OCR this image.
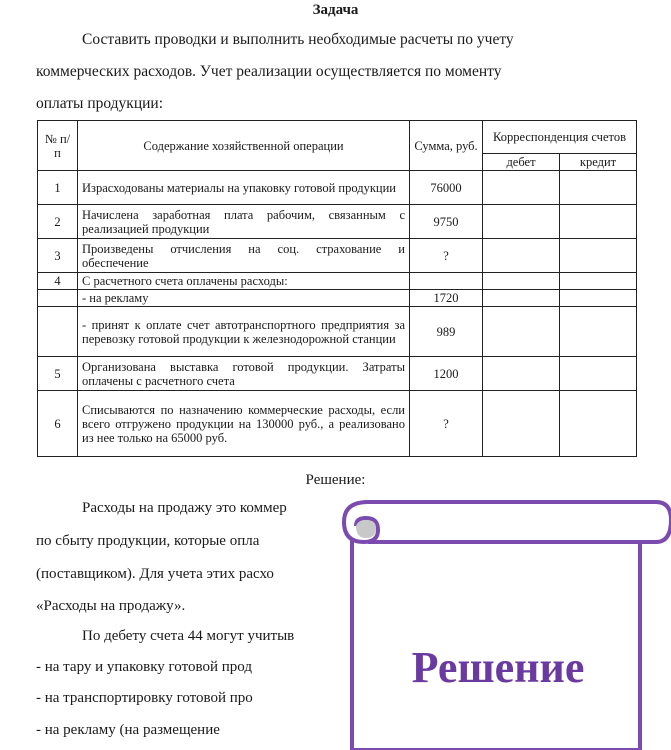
Задача

Составить проводки и выполнить необходимые расчеты по учету
коммерческих расходов. Учет реализации осуществляется по моменту
оплаты продукции:

№ п/п	Содержание хозяйственной операции	Сумма, руб.	Корреспонденция счетов	
			дебет	кредит
1	Израсходованы материалы на упаковку готовой продукции	76000		
2	Начислена заработная плата рабочим, связанным с реализацией продукции	9750		
3	Произведены отчисления на соц. страхование и обеспечение	?		
4	С расчетного счета оплачены расходы:			
	- на рекламу	1720		
	- принят к оплате счет автотранспортного предприятия за перевозку готовой продукции к железнодорожной станции	989		
5	Организована выставка готовой продукции. Затраты оплачены с расчетного счета	1200		
6	Списываются по назначению коммерческие расходы, если всего отгружено продукции на 130000 руб., а реализовано из нее только на 65000 руб.	?		
Решение:

Расходы на продажу это коммер

по сбыту продукции, которые опла

(поставщиком). Для учета этих расхо

«Расходы на продажу».

По дебету счета 44 могут учитыв

- на тару и упаковку готовой прод

- на транспортировку готовой про

- на рекламу (на размещение

Решение
